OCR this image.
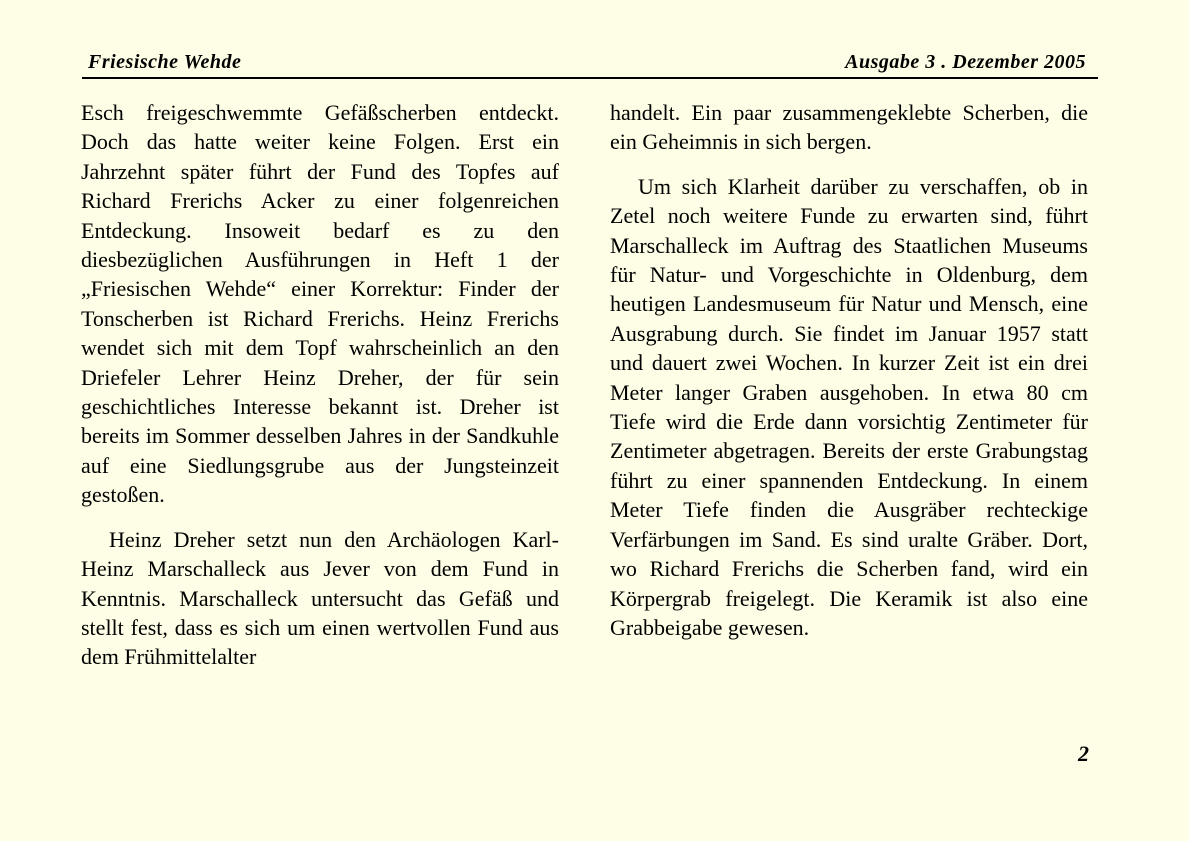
Friesische Wehde	Ausgabe 3 . Dezember 2005

Esch freigeschwemmte Gefäßscherben entdeckt. Doch das hatte weiter keine Folgen. Erst ein Jahrzehnt später führt der Fund des Topfes auf Richard Frerichs Acker zu einer folgenreichen Entdeckung. Insoweit bedarf es zu den diesbezüglichen Ausführungen in Heft 1 der „Friesischen Wehde“ einer Korrektur: Finder der Tonscherben ist Richard Frerichs. Heinz Frerichs wendet sich mit dem Topf wahrscheinlich an den Driefeler Lehrer Heinz Dreher, der für sein geschichtliches Interesse bekannt ist. Dreher ist bereits im Sommer desselben Jahres in der Sandkuhle auf eine Siedlungsgrube aus der Jungsteinzeit gestoßen.

Heinz Dreher setzt nun den Archäologen Karl-Heinz Marschalleck aus Jever von dem Fund in Kenntnis. Marschalleck untersucht das Gefäß und stellt fest, dass es sich um einen wertvollen Fund aus dem Frühmittelalter

handelt. Ein paar zusammengeklebte Scherben, die ein Geheimnis in sich bergen.

Um sich Klarheit darüber zu verschaffen, ob in Zetel noch weitere Funde zu erwarten sind, führt Marschalleck im Auftrag des Staatlichen Museums für Natur- und Vorgeschichte in Oldenburg, dem heutigen Landesmuseum für Natur und Mensch, eine Ausgrabung durch. Sie findet im Januar 1957 statt und dauert zwei Wochen. In kurzer Zeit ist ein drei Meter langer Graben ausgehoben. In etwa 80 cm Tiefe wird die Erde dann vorsichtig Zentimeter für Zentimeter abgetragen. Bereits der erste Grabungstag führt zu einer spannenden Entdeckung. In einem Meter Tiefe finden die Ausgräber rechteckige Verfärbungen im Sand. Es sind uralte Gräber. Dort, wo Richard Frerichs die Scherben fand, wird ein Körpergrab freigelegt. Die Keramik ist also eine Grabbeigabe gewesen.

2
